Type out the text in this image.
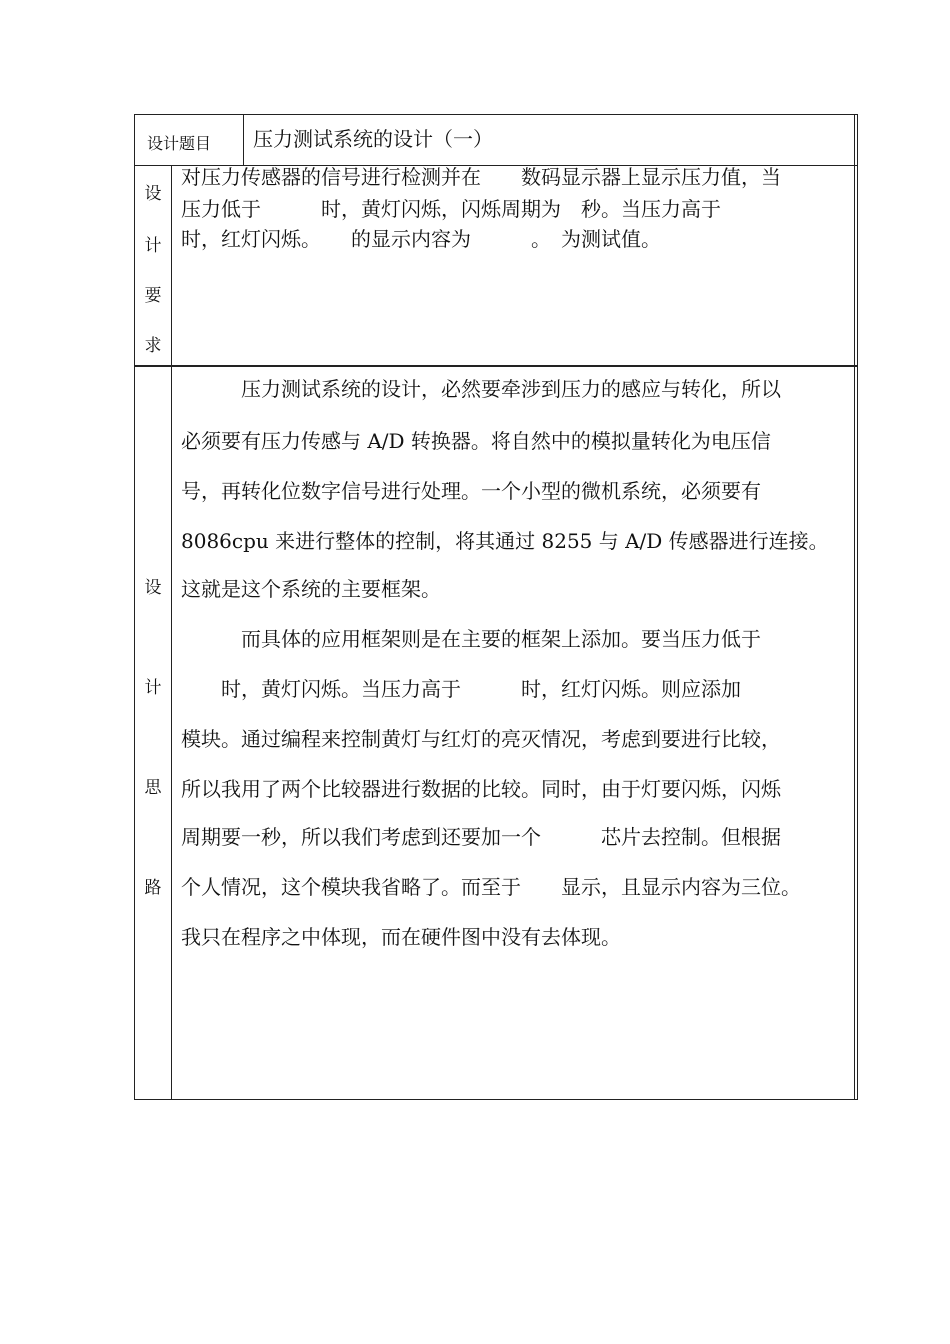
设计题目 压力测试系统的设计（一）
设
计
要
求
对压力传感器的信号进行检测并在　　数码显示器上显示压力值，当
压力低于　　　时，黄灯闪烁，闪烁周期为　秒。当压力高于
时，红灯闪烁。　　的显示内容为　　　。　为测试值。
设
计
思
路
　　　压力测试系统的设计，必然要牵涉到压力的感应与转化，所以
必须要有压力传感与 A/D 转换器。将自然中的模拟量转化为电压信
号，再转化位数字信号进行处理。一个小型的微机系统，必须要有
8086cpu 来进行整体的控制，将其通过 8255 与 A/D 传感器进行连接。
这就是这个系统的主要框架。
　　　而具体的应用框架则是在主要的框架上添加。要当压力低于
　　时，黄灯闪烁。当压力高于　　　时，红灯闪烁。则应添加
模块。通过编程来控制黄灯与红灯的亮灭情况，考虑到要进行比较，
所以我用了两个比较器进行数据的比较。同时，由于灯要闪烁，闪烁
周期要一秒，所以我们考虑到还要加一个　　　芯片去控制。但根据
个人情况，这个模块我省略了。而至于　　显示，且显示内容为三位。
我只在程序之中体现，而在硬件图中没有去体现。
